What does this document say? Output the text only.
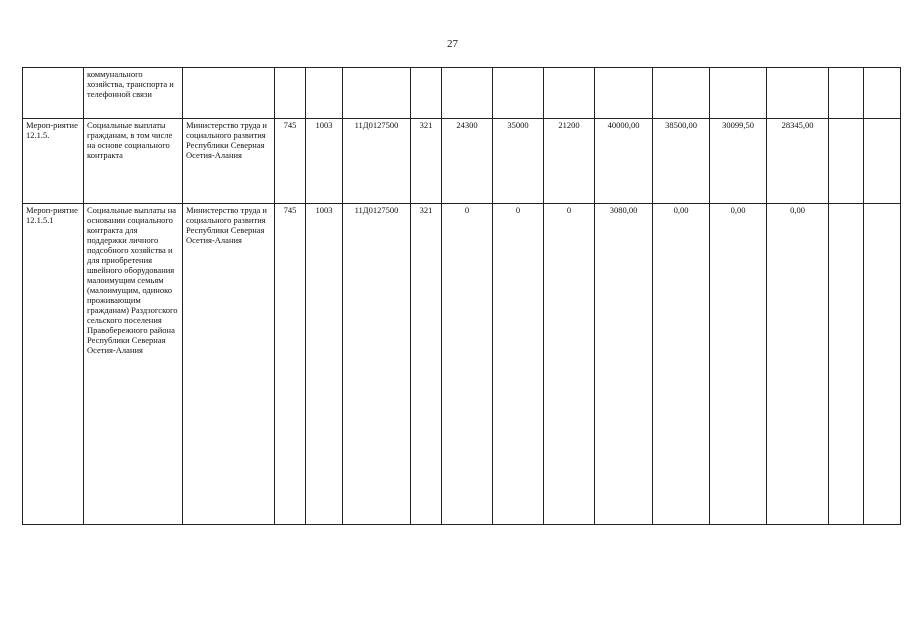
27
	коммунального хозяйства, транспорта и телефонной связи														
Мероп-риятие 12.1.5.	Социальные выплаты гражданам, в том числе на основе социального контракта	Министерство труда и социального развития Республики Северная Осетия-Алания	745	1003	11Д0127500	321	24300	35000	21200	40000,00	38500,00	30099,50	28345,00		
Мероп-риятие 12.1.5.1	Социальные выплаты на основании социального контракта для поддержки личного подсобного хозяйства и для приобретения швейного оборудования малоимущим семьям (малоимущим, одиноко проживающим гражданам) Раздзогского сельского поселения Правобережного района Республики Северная Осетия-Алания	Министерство труда и социального развития Республики Северная Осетия-Алания	745	1003	11Д0127500	321	0	0	0	3080,00	0,00	0,00	0,00		
